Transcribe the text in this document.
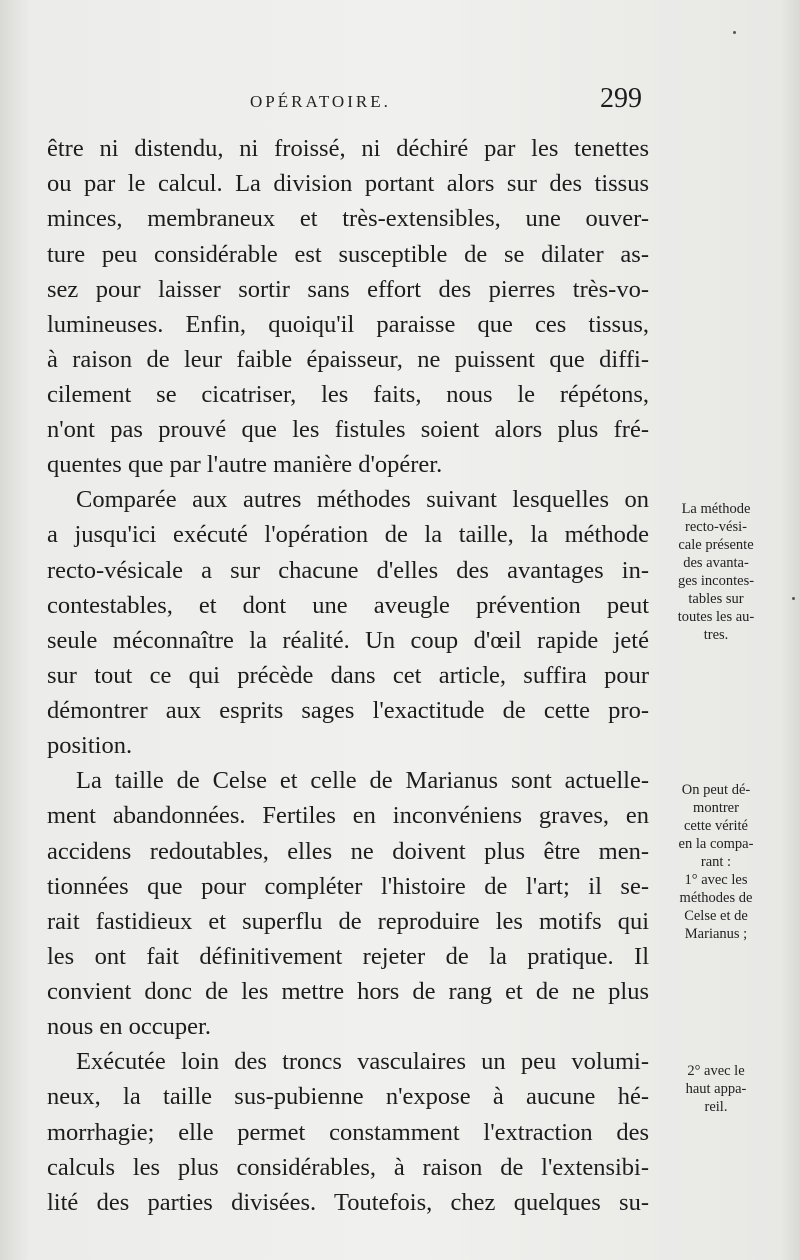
OPÉRATOIRE.	299
être ni distendu, ni froissé, ni déchiré par les tenettes
ou par le calcul. La division portant alors sur des tissus
minces, membraneux et très-extensibles, une ouver-
ture peu considérable est susceptible de se dilater as-
sez pour laisser sortir sans effort des pierres très-vo-
lumineuses. Enfin, quoiqu'il paraisse que ces tissus,
à raison de leur faible épaisseur, ne puissent que diffi-
cilement se cicatriser, les faits, nous le répétons,
n'ont pas prouvé que les fistules soient alors plus fré-
quentes que par l'autre manière d'opérer.
Comparée aux autres méthodes suivant lesquelles on
a jusqu'ici exécuté l'opération de la taille, la méthode
recto-vésicale a sur chacune d'elles des avantages in-
contestables, et dont une aveugle prévention peut
seule méconnaître la réalité. Un coup d'œil rapide jeté
sur tout ce qui précède dans cet article, suffira pour
démontrer aux esprits sages l'exactitude de cette pro-
position.
La taille de Celse et celle de Marianus sont actuelle-
ment abandonnées. Fertiles en inconvéniens graves, en
accidens redoutables, elles ne doivent plus être men-
tionnées que pour compléter l'histoire de l'art; il se-
rait fastidieux et superflu de reproduire les motifs qui
les ont fait définitivement rejeter de la pratique. Il
convient donc de les mettre hors de rang et de ne plus
nous en occuper.
Exécutée loin des troncs vasculaires un peu volumi-
neux, la taille sus-pubienne n'expose à aucune hé-
morrhagie; elle permet constamment l'extraction des
calculs les plus considérables, à raison de l'extensibi-
lité des parties divisées. Toutefois, chez quelques su-
La méthode
recto-vési-
cale présente
des avanta-
ges incontes-
tables sur
toutes les au-
tres.
On peut dé-
montrer
cette vérité
en la compa-
rant :
1° avec les
méthodes de
Celse et de
Marianus ;
2° avec le
haut appa-
reil.
